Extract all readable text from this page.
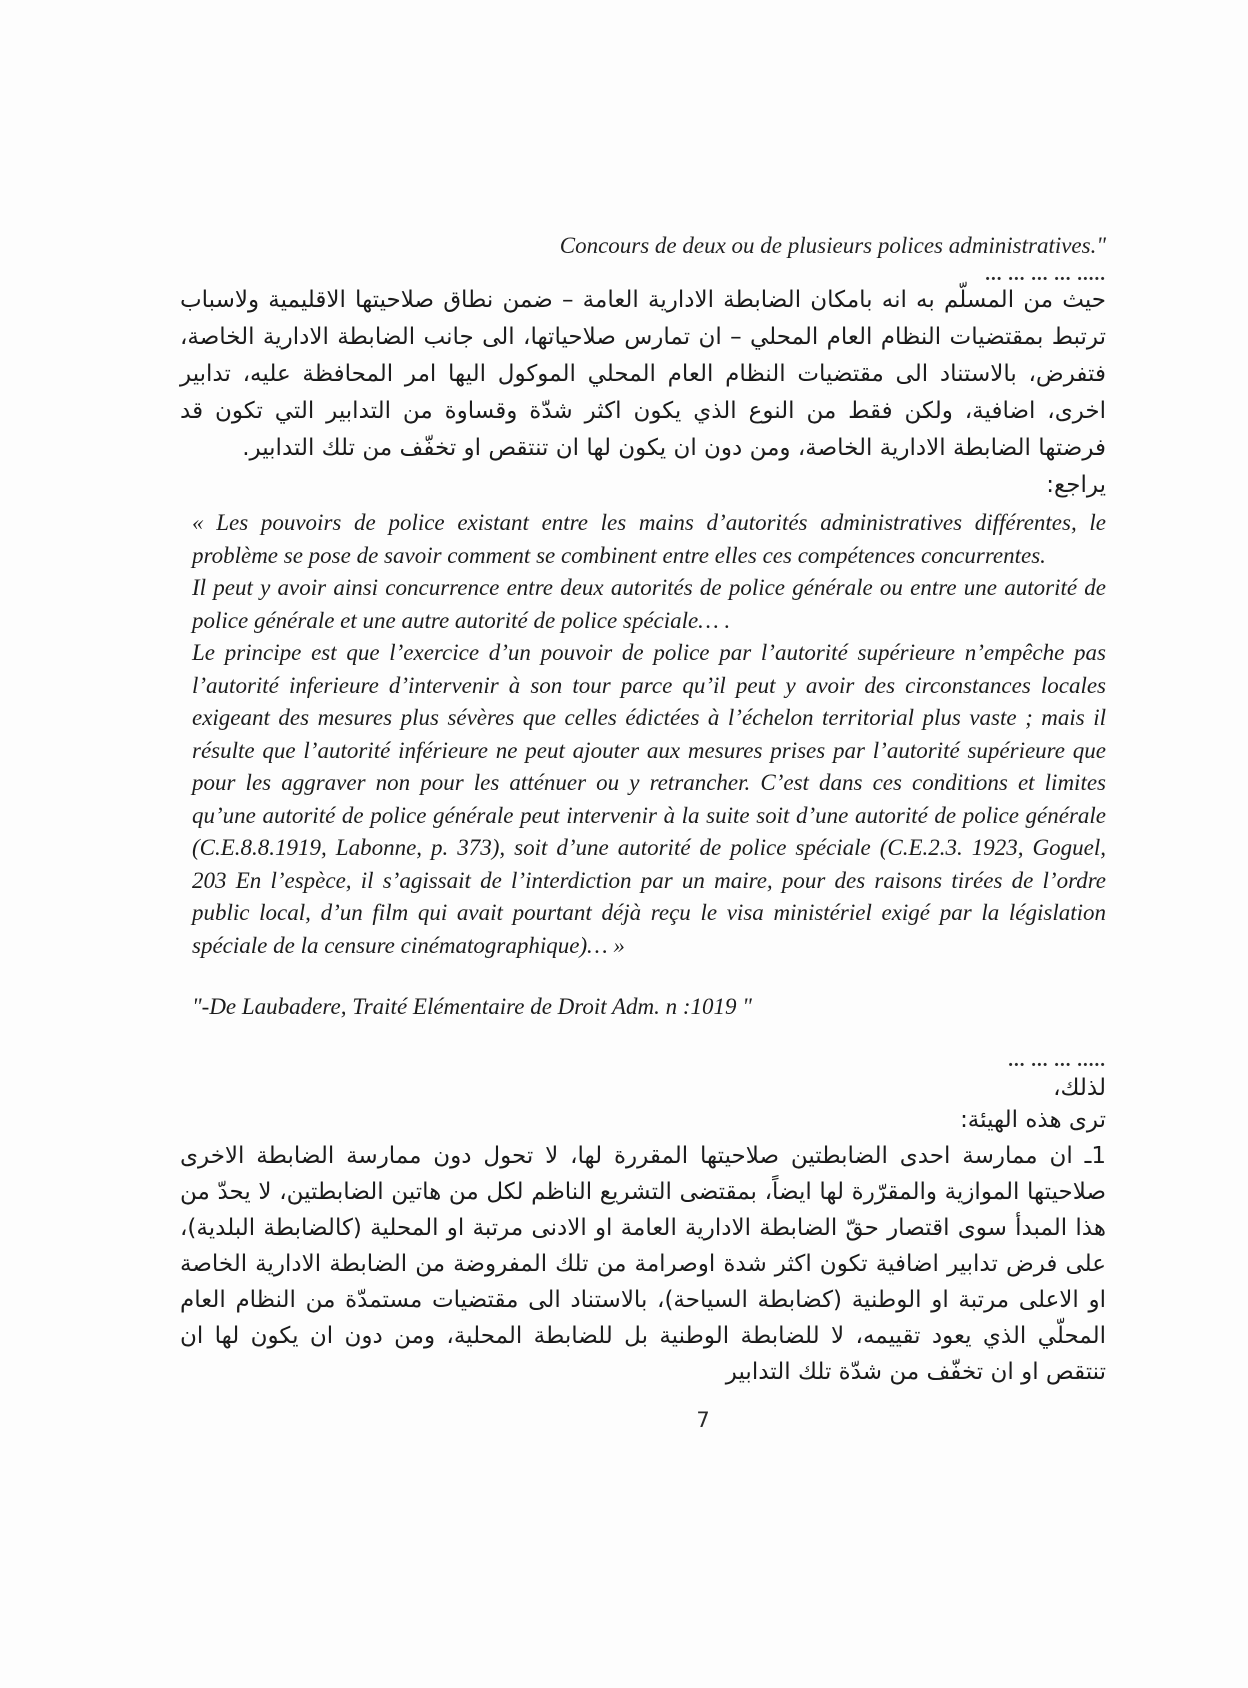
Concours de deux ou de plusieurs polices administratives."
... ... ... ... .....
حيث من المسلّم به انه بامكان الضابطة الادارية العامة – ضمن نطاق صلاحيتها الاقليمية ولاسباب ترتبط بمقتضيات النظام العام المحلي – ان تمارس صلاحياتها، الى جانب الضابطة الادارية الخاصة، فتفرض، بالاستناد الى مقتضيات النظام العام المحلي الموكول اليها امر المحافظة عليه، تدابير اخرى، اضافية، ولكن فقط من النوع الذي يكون اكثر شدّة وقساوة من التدابير التي تكون قد فرضتها الضابطة الادارية الخاصة، ومن دون ان يكون لها ان تنتقص او تخفّف من تلك التدابير.
يراجع:

« Les pouvoirs de police existant entre les mains d’autorités administratives différentes, le problème se pose de savoir comment se combinent entre elles ces compétences concurrentes.

Il peut y avoir ainsi concurrence entre deux autorités de police générale ou entre une autorité de police générale et une autre autorité de police spéciale… .

Le principe est que l’exercice d’un pouvoir de police par l’autorité supérieure n’empêche pas l’autorité inferieure d’intervenir à son tour parce qu’il peut y avoir des circonstances locales exigeant des mesures plus sévères que celles édictées à l’échelon territorial plus vaste ; mais il résulte que l’autorité inférieure ne peut ajouter aux mesures prises par l’autorité supérieure que pour les aggraver non pour les atténuer ou y retrancher. C’est dans ces conditions et limites qu’une autorité de police générale peut intervenir à la suite soit d’une autorité de police générale (C.E.8.8.1919, Labonne, p. 373), soit d’une autorité de police spéciale (C.E.2.3. 1923, Goguel, 203 En l’espèce, il s’agissait de l’interdiction par un maire, pour des raisons tirées de l’ordre public local, d’un film qui avait pourtant déjà reçu le visa ministériel exigé par la législation spéciale de la censure cinématographique)… »

"-De Laubadere, Traité Elémentaire de Droit Adm. n :1019 "
... ... ... .....
لذلك،
ترى هذه الهيئة:
1ـ ان ممارسة احدى الضابطتين صلاحيتها المقررة لها، لا تحول دون ممارسة الضابطة الاخرى صلاحيتها الموازية والمقرّرة لها ايضاً، بمقتضى التشريع الناظم لكل من هاتين الضابطتين، لا يحدّ من هذا المبدأ سوى اقتصار حقّ الضابطة الادارية العامة او الادنى مرتبة او المحلية (كالضابطة البلدية)، على فرض تدابير اضافية تكون اكثر شدة اوصرامة من تلك المفروضة من الضابطة الادارية الخاصة او الاعلى مرتبة او الوطنية (كضابطة السياحة)، بالاستناد الى مقتضيات مستمدّة من النظام العام المحلّي الذي يعود تقييمه، لا للضابطة الوطنية بل للضابطة المحلية، ومن دون ان يكون لها ان تنتقص او ان تخفّف من شدّة تلك التدابير
7
